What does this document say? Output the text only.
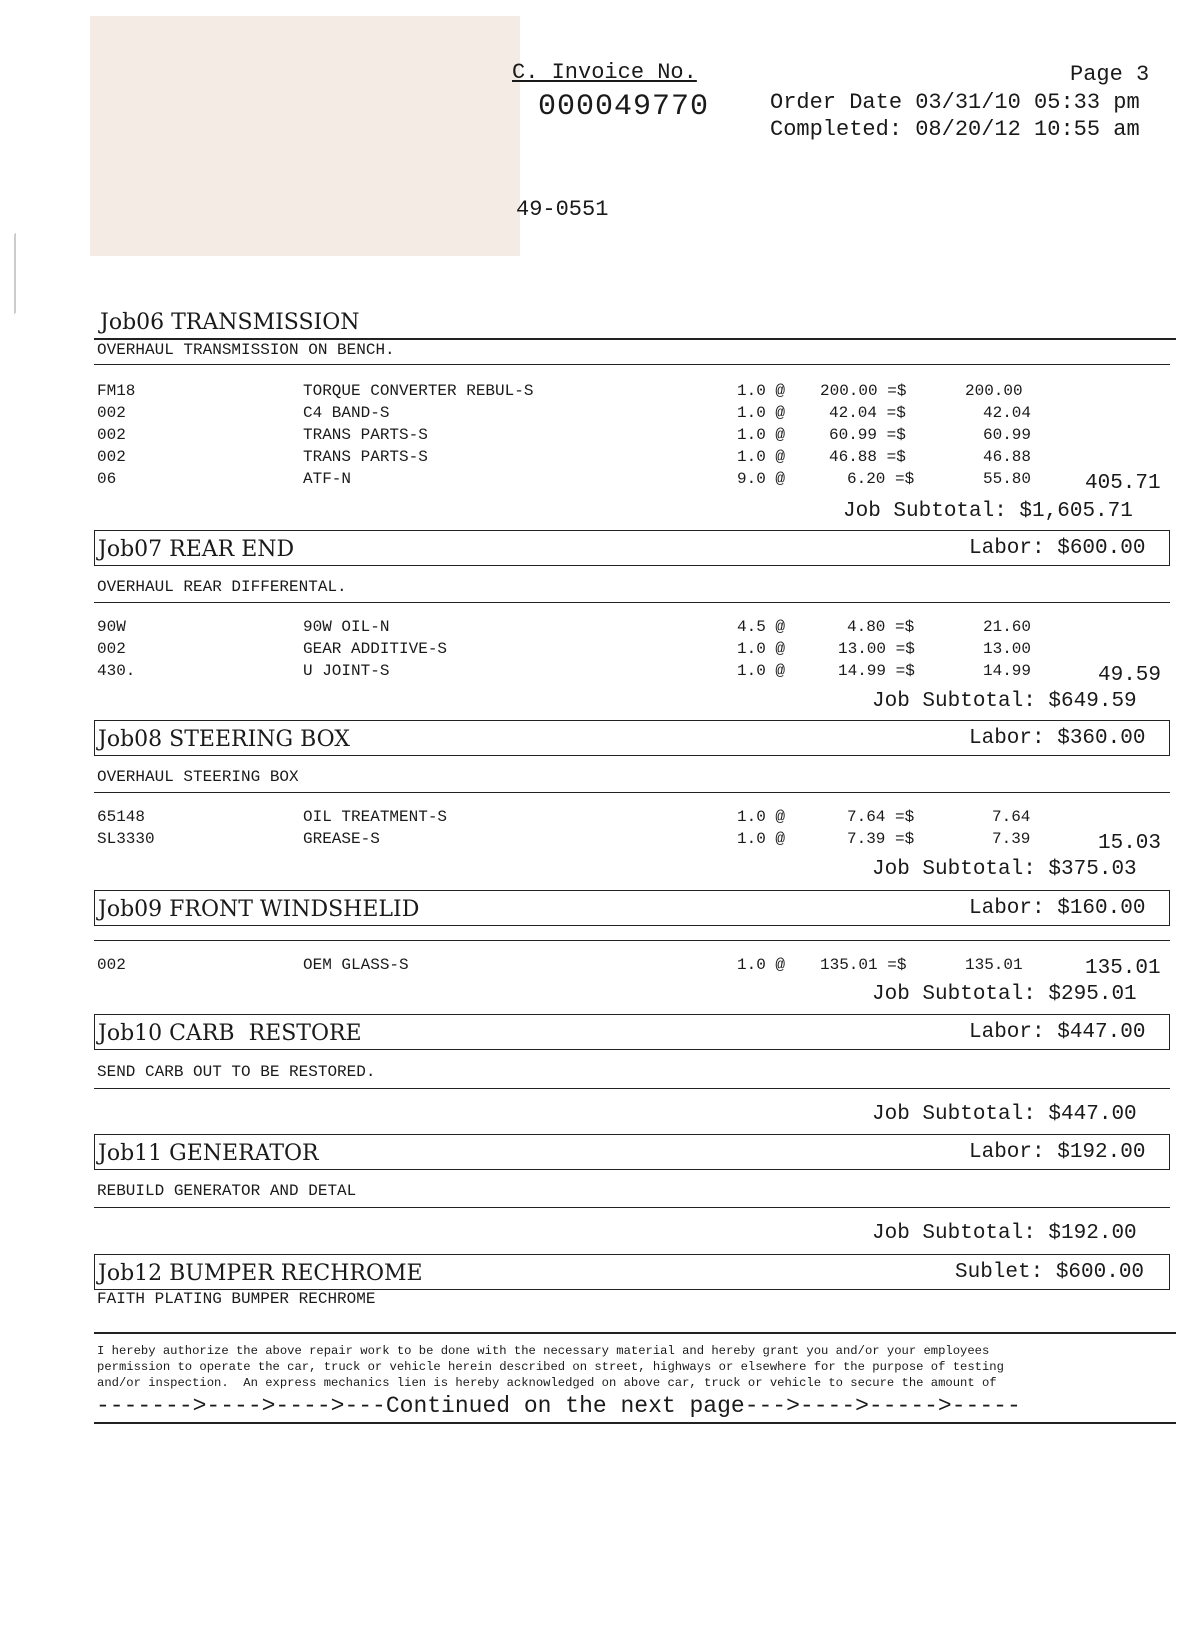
C. Invoice No.
000049770
Page 3
Order Date 03/31/10 05:33 pm
Completed: 08/20/12 10:55 am
49-0551
Job06 TRANSMISSION
OVERHAUL TRANSMISSION ON BENCH.
FM18	TORQUE CONVERTER REBUL-S	1.0 @ 200.00 =$	200.00
002	C4 BAND-S	1.0 @	42.04 =$	42.04
002	TRANS PARTS-S	1.0 @	60.99 =$	60.99
002	TRANS PARTS-S	1.0 @	46.88 =$	46.88
06	ATF-N	9.0 @	6.20 =$	55.80	405.71
Job Subtotal: $1,605.71
Job07 REAR END	Labor: $600.00
OVERHAUL REAR DIFFERENTAL.
90W	90W OIL-N	4.5 @	4.80 =$	21.60
002	GEAR ADDITIVE-S	1.0 @	13.00 =$	13.00
430.	U JOINT-S	1.0 @	14.99 =$	14.99	49.59
Job Subtotal: $649.59
Job08 STEERING BOX	Labor: $360.00
OVERHAUL STEERING BOX
65148	OIL TREATMENT-S	1.0 @	7.64 =$	7.64
SL3330	GREASE-S	1.0 @	7.39 =$	7.39	15.03
Job Subtotal: $375.03
Job09 FRONT WINDSHELID	Labor: $160.00
002	OEM GLASS-S	1.0 @ 135.01 =$	135.01	135.01
Job Subtotal: $295.01
Job10 CARB  RESTORE	Labor: $447.00
SEND CARB OUT TO BE RESTORED.
Job Subtotal: $447.00
Job11 GENERATOR	Labor: $192.00
REBUILD GENERATOR AND DETAL
Job Subtotal: $192.00
Job12 BUMPER RECHROME	Sublet: $600.00
FAITH PLATING BUMPER RECHROME
I hereby authorize the above repair work to be done with the necessary material and hereby grant you and/or your employees
permission to operate the car, truck or vehicle herein described on street, highways or elsewhere for the purpose of testing
and/or inspection.  An express mechanics lien is hereby acknowledged on above car, truck or vehicle to secure the amount of
------->---->---->---Continued on the next page--->---->----->-----
